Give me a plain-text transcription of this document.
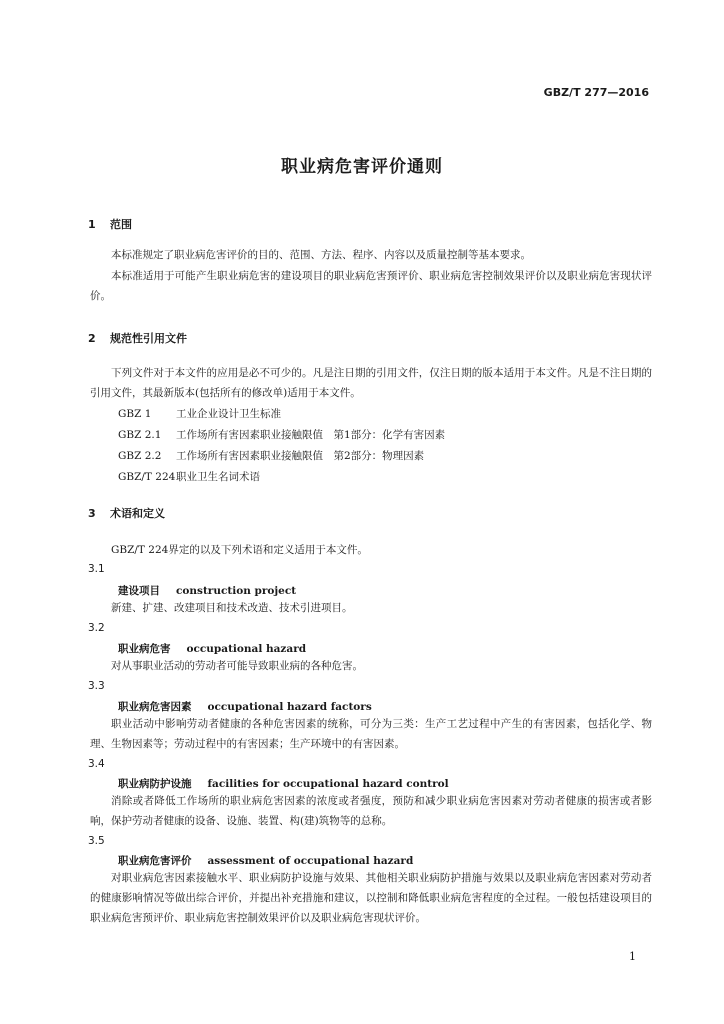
GBZ/T 277—2016
职业病危害评价通则
1 范围

本标准规定了职业病危害评价的目的、范围、方法、程序、内容以及质量控制等基本要求。

本标准适用于可能产生职业病危害的建设项目的职业病危害预评价、职业病危害控制效果评价以及职业病危害现状评价。

2 规范性引用文件

下列文件对于本文件的应用是必不可少的。凡是注日期的引用文件，仅注日期的版本适用于本文件。凡是不注日期的引用文件，其最新版本(包括所有的修改单)适用于本文件。

GBZ 1 工业企业设计卫生标准
GBZ 2.1 工作场所有害因素职业接触限值　第1部分：化学有害因素
GBZ 2.2 工作场所有害因素职业接触限值　第2部分：物理因素
GBZ/T 224职业卫生名词术语
3 术语和定义

GBZ/T 224界定的以及下列术语和定义适用于本文件。

3.1
建设项目 construction project

新建、扩建、改建项目和技术改造、技术引进项目。

3.2
职业病危害 occupational hazard

对从事职业活动的劳动者可能导致职业病的各种危害。

3.3
职业病危害因素 occupational hazard factors

职业活动中影响劳动者健康的各种危害因素的统称，可分为三类：生产工艺过程中产生的有害因素，包括化学、物理、生物因素等；劳动过程中的有害因素；生产环境中的有害因素。

3.4
职业病防护设施 facilities for occupational hazard control

消除或者降低工作场所的职业病危害因素的浓度或者强度，预防和减少职业病危害因素对劳动者健康的损害或者影响，保护劳动者健康的设备、设施、装置、构(建)筑物等的总称。

3.5
职业病危害评价 assessment of occupational hazard

对职业病危害因素接触水平、职业病防护设施与效果、其他相关职业病防护措施与效果以及职业病危害因素对劳动者的健康影响情况等做出综合评价，并提出补充措施和建议，以控制和降低职业病危害程度的全过程。一般包括建设项目的职业病危害预评价、职业病危害控制效果评价以及职业病危害现状评价。

1
